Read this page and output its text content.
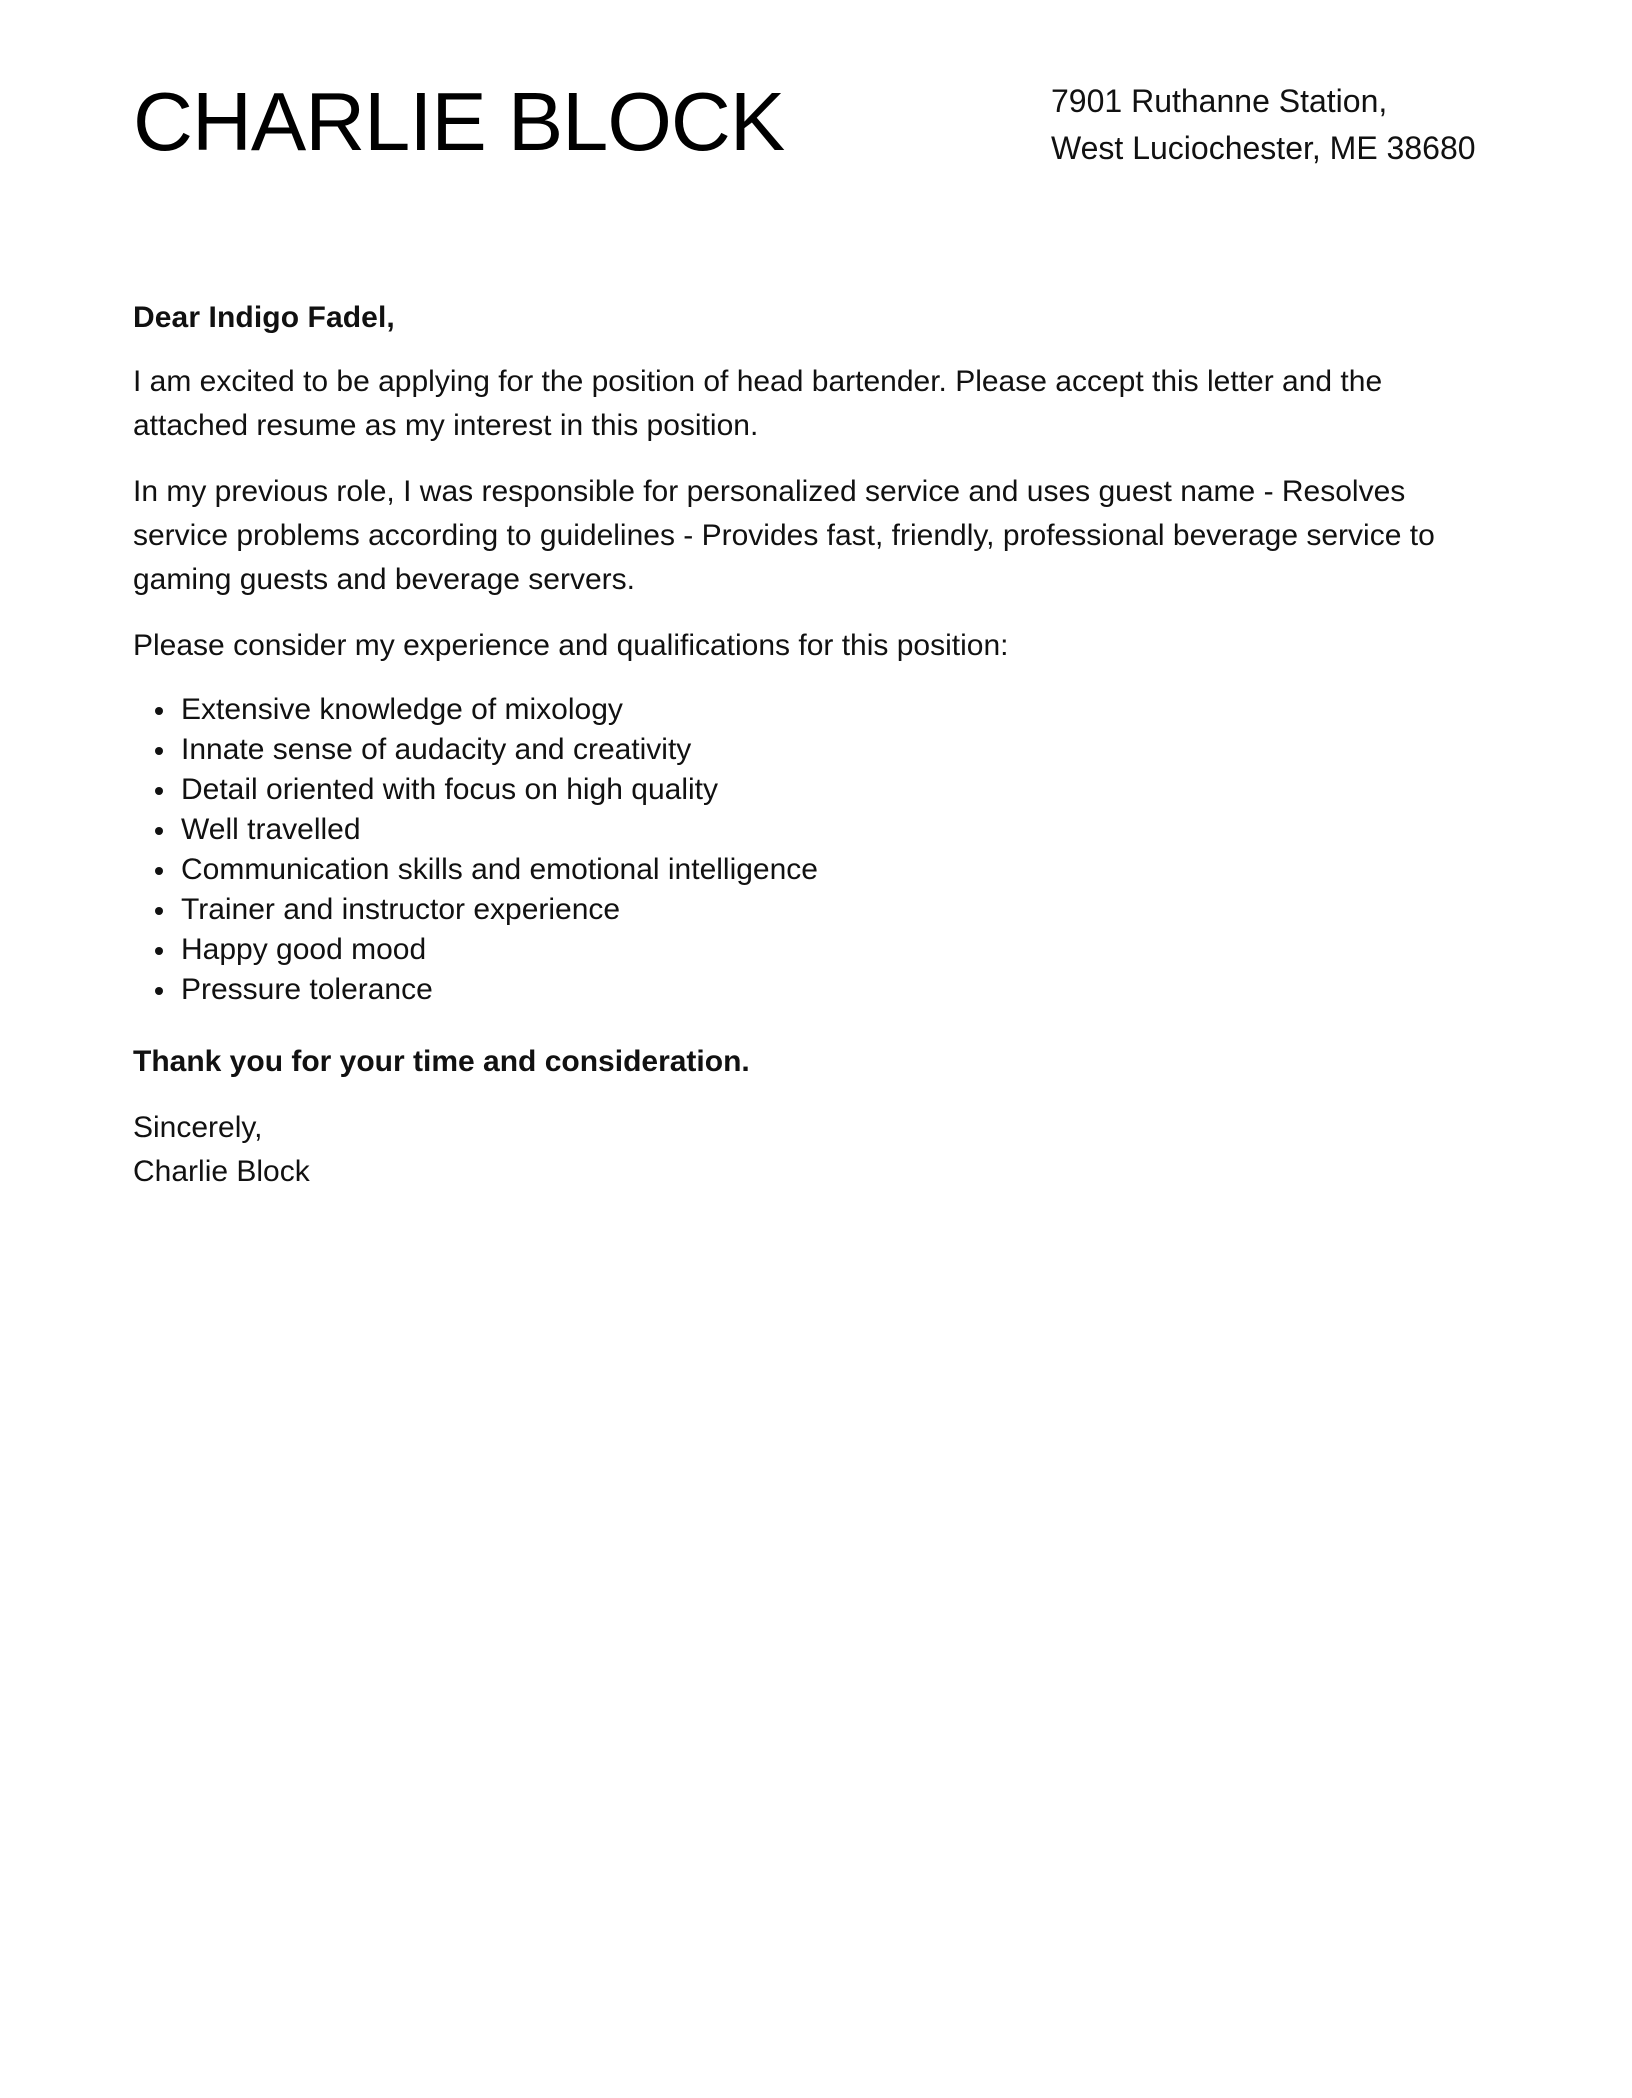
CHARLIE BLOCK	7901 Ruthanne Station,
West Luciochester, ME 38680

Dear Indigo Fadel,

I am excited to be applying for the position of head bartender. Please accept this letter and the attached resume as my interest in this position.

In my previous role, I was responsible for personalized service and uses guest name - Resolves service problems according to guidelines - Provides fast, friendly, professional beverage service to gaming guests and beverage servers.

Please consider my experience and qualifications for this position:

Extensive knowledge of mixology
Innate sense of audacity and creativity
Detail oriented with focus on high quality
Well travelled
Communication skills and emotional intelligence
Trainer and instructor experience
Happy good mood
Pressure tolerance

Thank you for your time and consideration.

Sincerely,
Charlie Block
